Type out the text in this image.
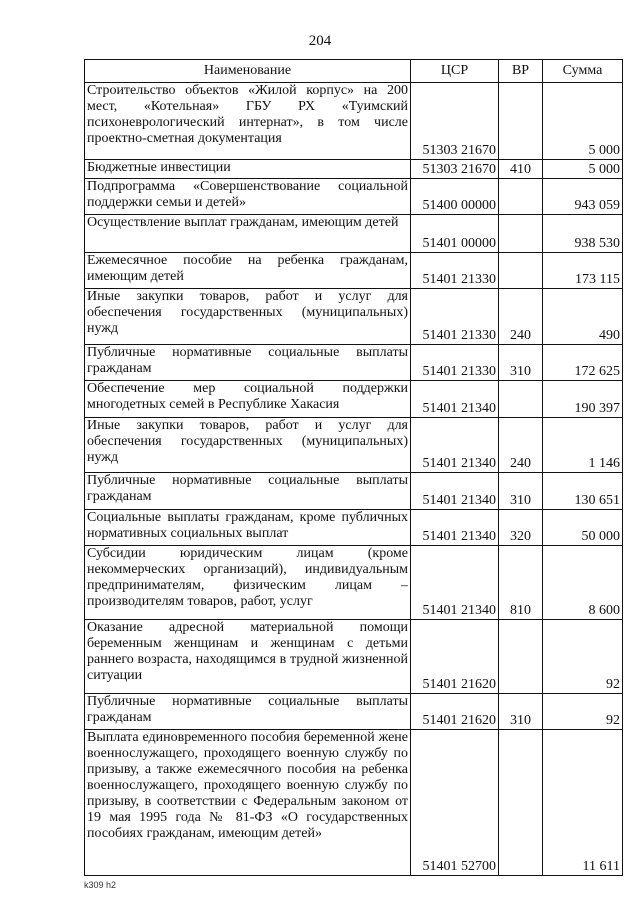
204
Наименование	ЦСР	ВР	Сумма
Строительство объектов «Жилой корпус» на 200 мест, «Котельная» ГБУ РХ «Туимский психоневрологический интернат», в том числе проектно-сметная документация	51303 21670		5 000
Бюджетные инвестиции	51303 21670	410	5 000
Подпрограмма «Совершенствование социальной поддержки семьи и детей»	51400 00000		943 059
Осуществление выплат гражданам, имеющим детей	51401 00000		938 530
Ежемесячное пособие на ребенка гражданам, имеющим детей	51401 21330		173 115
Иные закупки товаров, работ и услуг для обеспечения государственных (муниципальных) нужд	51401 21330	240	490
Публичные нормативные социальные выплаты гражданам	51401 21330	310	172 625
Обеспечение мер социальной поддержки многодетных семей в Республике Хакасия	51401 21340		190 397
Иные закупки товаров, работ и услуг для обеспечения государственных (муниципальных) нужд	51401 21340	240	1 146
Публичные нормативные социальные выплаты гражданам	51401 21340	310	130 651
Социальные выплаты гражданам, кроме публичных нормативных социальных выплат	51401 21340	320	50 000
Субсидии юридическим лицам (кроме некоммерческих организаций), индивидуальным предпринимателям, физическим лицам – производителям товаров, работ, услуг	51401 21340	810	8 600
Оказание адресной материальной помощи беременным женщинам и женщинам с детьми раннего возраста, находящимся в трудной жизненной ситуации	51401 21620		92
Публичные нормативные социальные выплаты гражданам	51401 21620	310	92
Выплата единовременного пособия беременной жене военнослужащего, проходящего военную службу по призыву, а также ежемесячного пособия на ребенка военнослужащего, проходящего военную службу по призыву, в соответствии с Федеральным законом от 19 мая 1995 года № 81-ФЗ «О государственных пособиях гражданам, имеющим детей»	51401 52700		11 611
k309 h2
